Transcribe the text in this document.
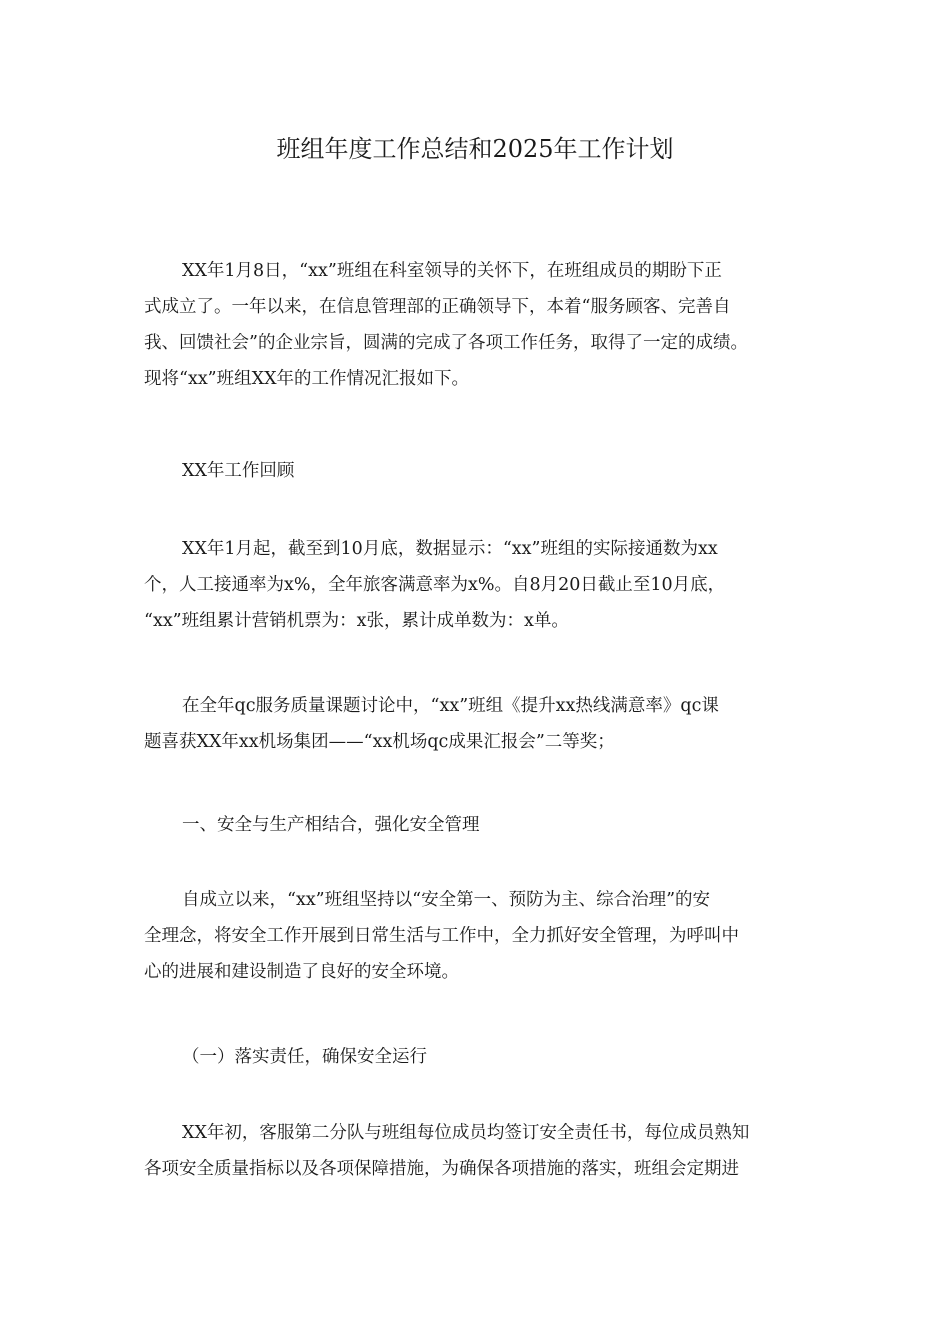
班组年度工作总结和2025年工作计划

XX年1月8日，“xx”班组在科室领导的关怀下，在班组成员的期盼下正
式成立了。一年以来，在信息管理部的正确领导下，本着“服务顾客、完善自
我、回馈社会”的企业宗旨，圆满的完成了各项工作任务，取得了一定的成绩。
现将“xx”班组XX年的工作情况汇报如下。

XX年工作回顾

XX年1月起，截至到10月底，数据显示：“xx”班组的实际接通数为xx
个，人工接通率为x%，全年旅客满意率为x%。自8月20日截止至10月底，
“xx”班组累计营销机票为：x张，累计成单数为：x单。

在全年qc服务质量课题讨论中，“xx”班组《提升xx热线满意率》qc课
题喜获XX年xx机场集团——“xx机场qc成果汇报会”二等奖；

一、安全与生产相结合，强化安全管理

自成立以来，“xx”班组坚持以“安全第一、预防为主、综合治理”的安
全理念，将安全工作开展到日常生活与工作中，全力抓好安全管理，为呼叫中
心的进展和建设制造了良好的安全环境。

（一）落实责任，确保安全运行

XX年初，客服第二分队与班组每位成员均签订安全责任书，每位成员熟知
各项安全质量指标以及各项保障措施，为确保各项措施的落实，班组会定期进
